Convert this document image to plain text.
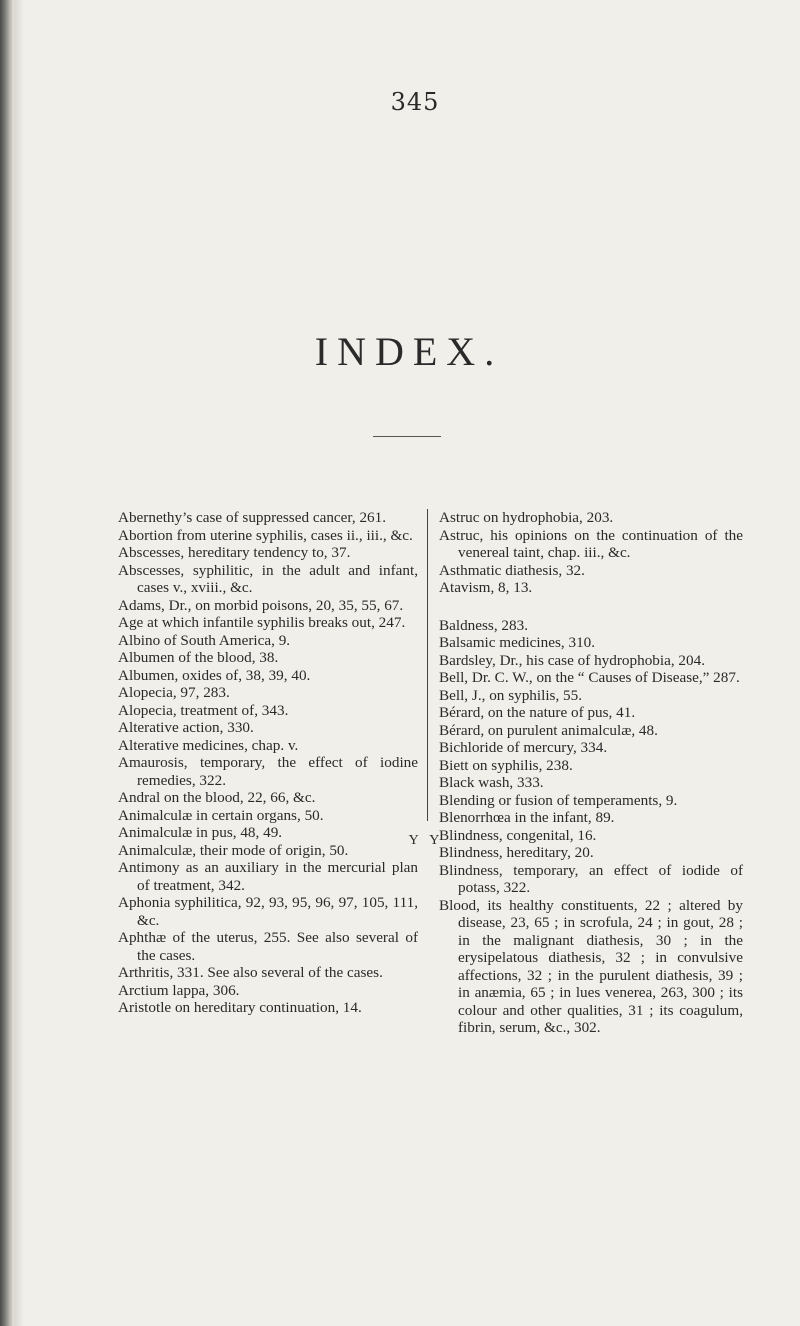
345
INDEX.
Abernethy’s case of suppressed cancer, 261.
Abortion from uterine syphilis, cases ii., iii., &c.
Abscesses, hereditary tendency to, 37.
Abscesses, syphilitic, in the adult and infant, cases v., xviii., &c.
Adams, Dr., on morbid poisons, 20, 35, 55, 67.
Age at which infantile syphilis breaks out, 247.
Albino of South America, 9.
Albumen of the blood, 38.
Albumen, oxides of, 38, 39, 40.
Alopecia, 97, 283.
Alopecia, treatment of, 343.
Alterative action, 330.
Alterative medicines, chap. v.
Amaurosis, temporary, the effect of iodine remedies, 322.
Andral on the blood, 22, 66, &c.
Animalculæ in certain organs, 50.
Animalculæ in pus, 48, 49.
Animalculæ, their mode of origin, 50.
Antimony as an auxiliary in the mercurial plan of treatment, 342.
Aphonia syphilitica, 92, 93, 95, 96, 97, 105, 111, &c.
Aphthæ of the uterus, 255. See also several of the cases.
Arthritis, 331. See also several of the cases.
Arctium lappa, 306.
Aristotle on hereditary continuation, 14.
Astruc on hydrophobia, 203.
Astruc, his opinions on the continuation of the venereal taint, chap. iii., &c.
Asthmatic diathesis, 32.
Atavism, 8, 13.
Baldness, 283.
Balsamic medicines, 310.
Bardsley, Dr., his case of hydrophobia, 204.
Bell, Dr. C. W., on the “ Causes of Disease,” 287.
Bell, J., on syphilis, 55.
Bérard, on the nature of pus, 41.
Bérard, on purulent animalculæ, 48.
Bichloride of mercury, 334.
Biett on syphilis, 238.
Black wash, 333.
Blending or fusion of temperaments, 9.
Blenorrhœa in the infant, 89.
Blindness, congenital, 16.
Blindness, hereditary, 20.
Blindness, temporary, an effect of iodide of potass, 322.
Blood, its healthy constituents, 22 ; altered by disease, 23, 65 ; in scrofula, 24 ; in gout, 28 ; in the malignant diathesis, 30 ; in the erysipelatous diathesis, 32 ; in convulsive affections, 32 ; in the purulent diathesis, 39 ; in anæmia, 65 ; in lues venerea, 263, 300 ; its colour and other qualities, 31 ; its coagulum, fibrin, serum, &c., 302.
Y Y
